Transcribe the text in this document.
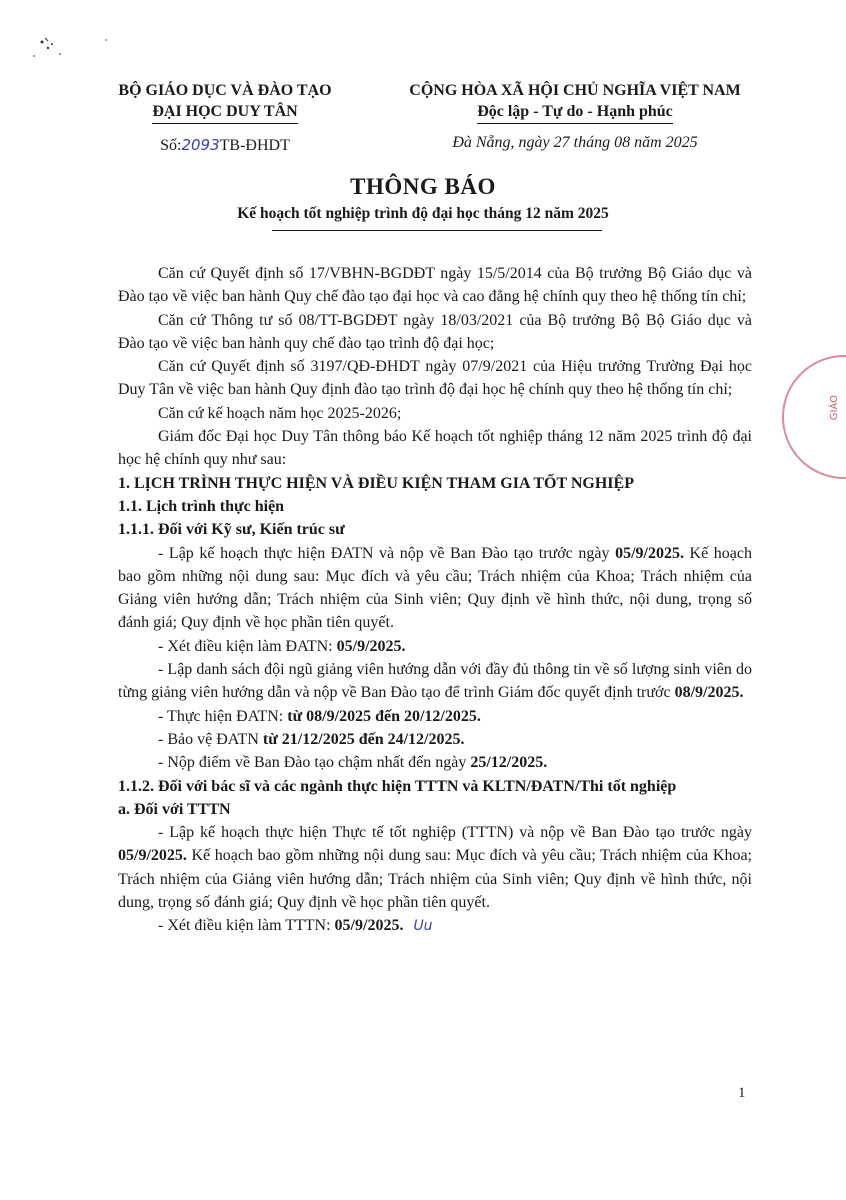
BỘ GIÁO DỤC VÀ ĐÀO TẠO
ĐẠI HỌC DUY TÂN
CỘNG HÒA XÃ HỘI CHỦ NGHĨA VIỆT NAM
Độc lập - Tự do - Hạnh phúc
Số:2093TB-ĐHDT	Đà Nẵng, ngày 27 tháng 08 năm 2025
THÔNG BÁO
Kế hoạch tốt nghiệp trình độ đại học tháng 12 năm 2025

Căn cứ Quyết định số 17/VBHN-BGDĐT ngày 15/5/2014 của Bộ trưởng Bộ Giáo dục và Đào tạo về việc ban hành Quy chế đào tạo đại học và cao đẳng hệ chính quy theo hệ thống tín chỉ;

Căn cứ Thông tư số 08/TT-BGDĐT ngày 18/03/2021 của Bộ trưởng Bộ Bộ Giáo dục và Đào tạo về việc ban hành quy chế đào tạo trình độ đại học;

Căn cứ Quyết định số 3197/QĐ-ĐHDT ngày 07/9/2021 của Hiệu trưởng Trường Đại học Duy Tân về việc ban hành Quy định đào tạo trình độ đại học hệ chính quy theo hệ thống tín chỉ;

Căn cứ kế hoạch năm học 2025-2026;

Giám đốc Đại học Duy Tân thông báo Kế hoạch tốt nghiệp tháng 12 năm 2025 trình độ đại học hệ chính quy như sau:

1. LỊCH TRÌNH THỰC HIỆN VÀ ĐIỀU KIỆN THAM GIA TỐT NGHIỆP
1.1. Lịch trình thực hiện
1.1.1. Đối với Kỹ sư, Kiến trúc sư

- Lập kế hoạch thực hiện ĐATN và nộp về Ban Đào tạo trước ngày 05/9/2025. Kế hoạch bao gồm những nội dung sau: Mục đích và yêu cầu; Trách nhiệm của Khoa; Trách nhiệm của Giảng viên hướng dẫn; Trách nhiệm của Sinh viên; Quy định về hình thức, nội dung, trọng số đánh giá; Quy định về học phần tiên quyết.

- Xét điều kiện làm ĐATN: 05/9/2025.

- Lập danh sách đội ngũ giảng viên hướng dẫn với đầy đủ thông tin về số lượng sinh viên do từng giảng viên hướng dẫn và nộp về Ban Đào tạo để trình Giám đốc quyết định trước 08/9/2025.

- Thực hiện ĐATN: từ 08/9/2025 đến 20/12/2025.

- Bảo vệ ĐATN từ 21/12/2025 đến 24/12/2025.

- Nộp điểm về Ban Đào tạo chậm nhất đến ngày 25/12/2025.

1.1.2. Đối với bác sĩ và các ngành thực hiện TTTN và KLTN/ĐATN/Thi tốt nghiệp
a. Đối với TTTN

- Lập kế hoạch thực hiện Thực tế tốt nghiệp (TTTN) và nộp về Ban Đào tạo trước ngày 05/9/2025. Kế hoạch bao gồm những nội dung sau: Mục đích và yêu cầu; Trách nhiệm của Khoa; Trách nhiệm của Giảng viên hướng dẫn; Trách nhiệm của Sinh viên; Quy định về hình thức, nội dung, trọng số đánh giá; Quy định về học phần tiên quyết.

- Xét điều kiện làm TTTN: 05/9/2025. Uu

GIÁO
1
